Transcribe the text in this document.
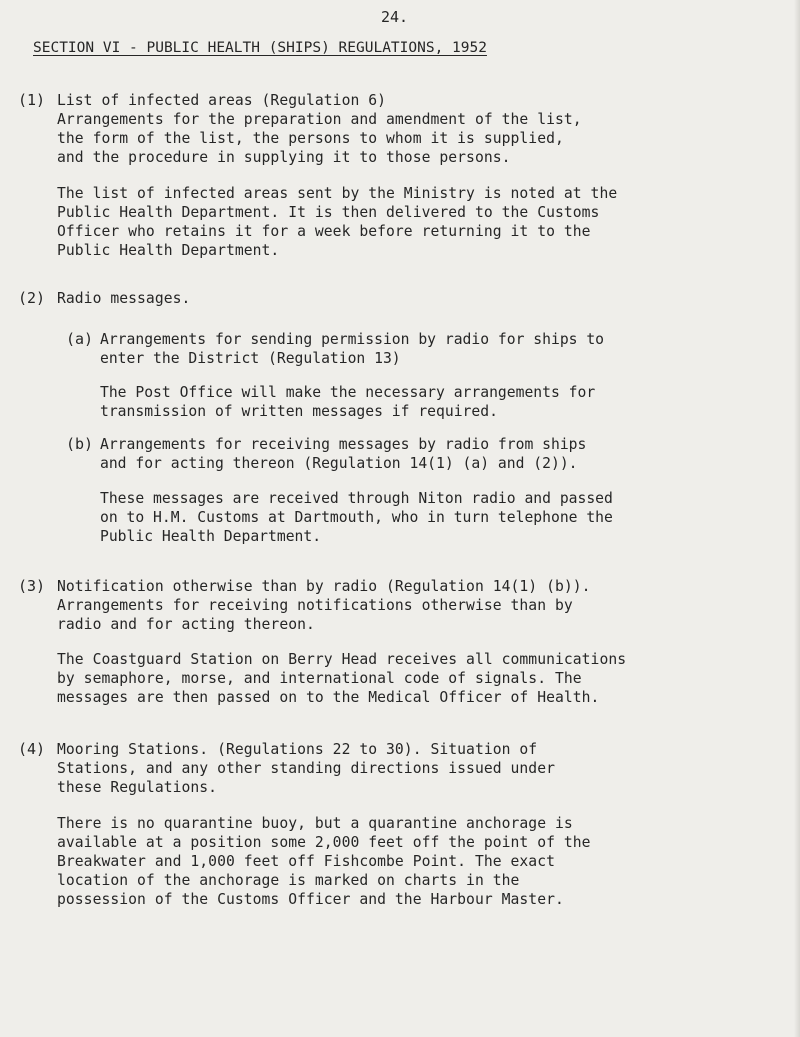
24.
SECTION VI - PUBLIC HEALTH (SHIPS) REGULATIONS, 1952
(1) List of infected areas (Regulation 6)
Arrangements for the preparation and amendment of the list,
the form of the list, the persons to whom it is supplied,
and the procedure in supplying it to those persons.
The list of infected areas sent by the Ministry is noted at the
Public Health Department. It is then delivered to the Customs
Officer who retains it for a week before returning it to the
Public Health Department.
(2) Radio messages.
(a) Arrangements for sending permission by radio for ships to
enter the District (Regulation 13)
The Post Office will make the necessary arrangements for
transmission of written messages if required.
(b) Arrangements for receiving messages by radio from ships
and for acting thereon (Regulation 14(1) (a) and (2)).
These messages are received through Niton radio and passed
on to H.M. Customs at Dartmouth, who in turn telephone the
Public Health Department.
(3) Notification otherwise than by radio (Regulation 14(1) (b)).
Arrangements for receiving notifications otherwise than by
radio and for acting thereon.
The Coastguard Station on Berry Head receives all communications
by semaphore, morse, and international code of signals. The
messages are then passed on to the Medical Officer of Health.
(4) Mooring Stations. (Regulations 22 to 30). Situation of
Stations, and any other standing directions issued under
these Regulations.
There is no quarantine buoy, but a quarantine anchorage is
available at a position some 2,000 feet off the point of the
Breakwater and 1,000 feet off Fishcombe Point. The exact
location of the anchorage is marked on charts in the
possession of the Customs Officer and the Harbour Master.
